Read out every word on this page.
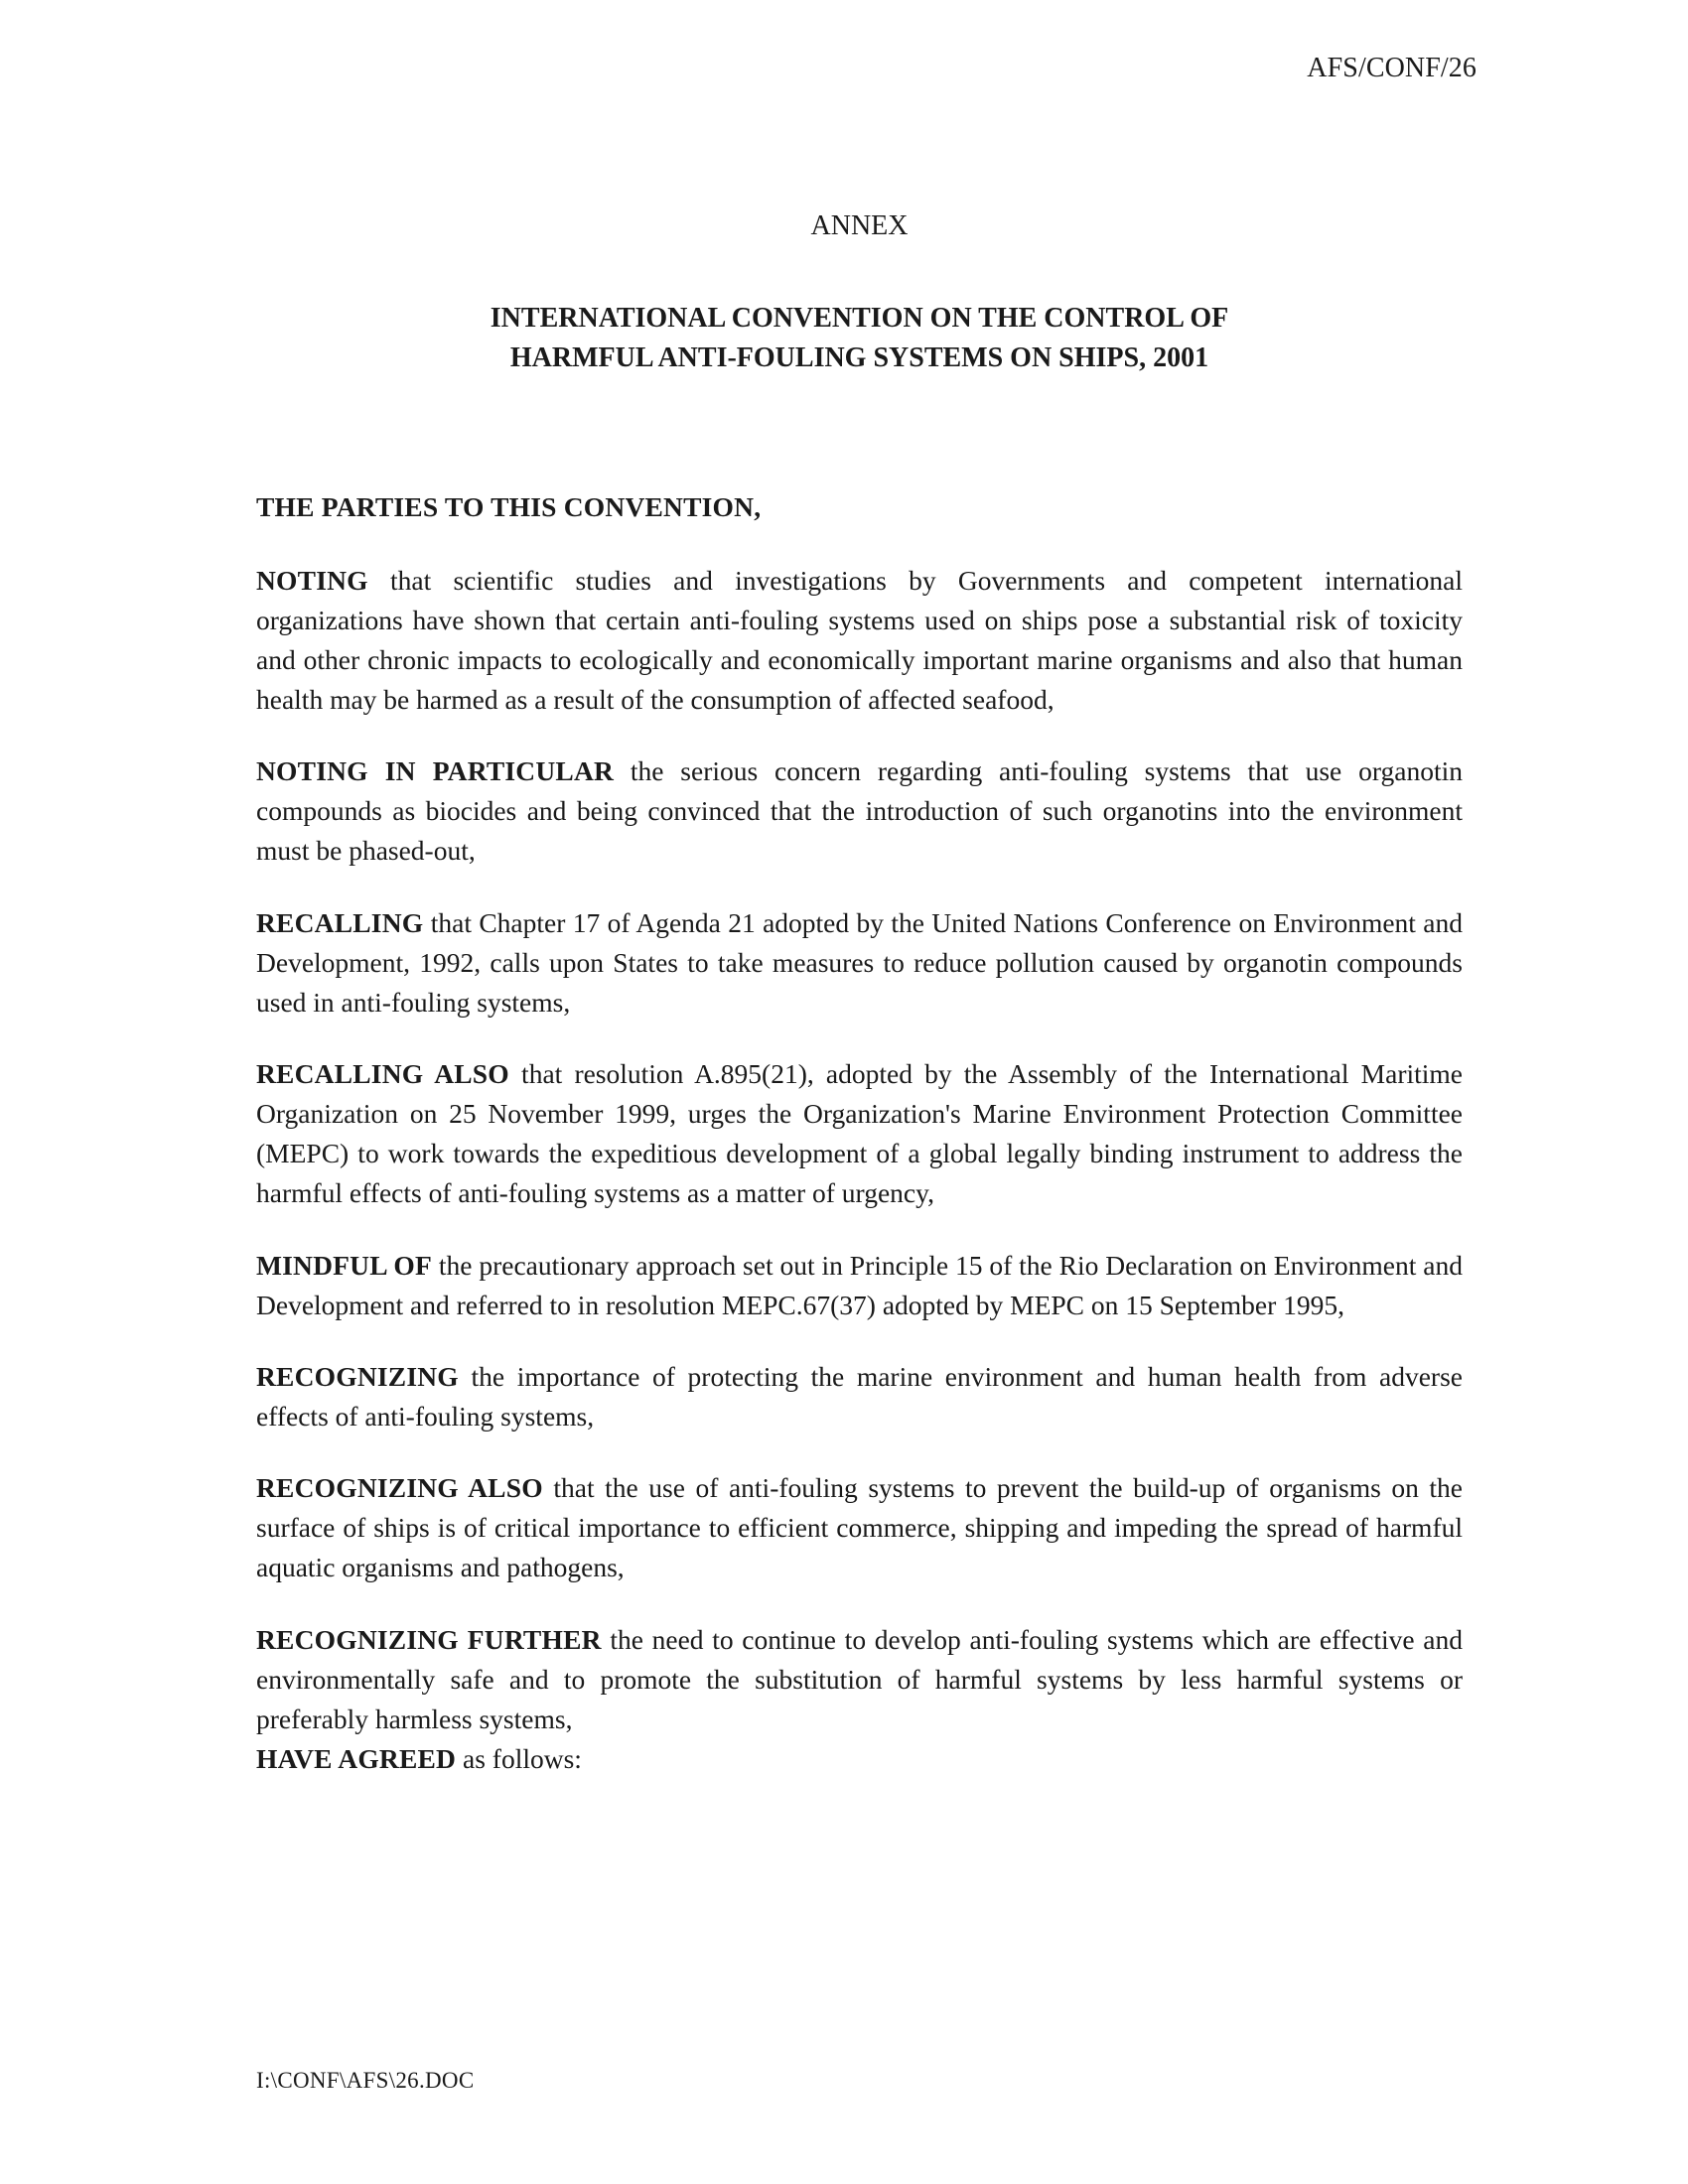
AFS/CONF/26
ANNEX
INTERNATIONAL CONVENTION ON THE CONTROL OF
HARMFUL ANTI-FOULING SYSTEMS ON SHIPS, 2001

THE PARTIES TO THIS CONVENTION,

NOTING that scientific studies and investigations by Governments and competent international organizations have shown that certain anti-fouling systems used on ships pose a substantial risk of toxicity and other chronic impacts to ecologically and economically important marine organisms and also that human health may be harmed as a result of the consumption of affected seafood,

NOTING IN PARTICULAR the serious concern regarding anti-fouling systems that use organotin compounds as biocides and being convinced that the introduction of such organotins into the environment must be phased-out,

RECALLING that Chapter 17 of Agenda 21 adopted by the United Nations Conference on Environment and Development, 1992, calls upon States to take measures to reduce pollution caused by organotin compounds used in anti-fouling systems,

RECALLING ALSO that resolution A.895(21), adopted by the Assembly of the International Maritime Organization on 25 November 1999, urges the Organization's Marine Environment Protection Committee (MEPC) to work towards the expeditious development of a global legally binding instrument to address the harmful effects of anti-fouling systems as a matter of urgency,

MINDFUL OF the precautionary approach set out in Principle 15 of the Rio Declaration on Environment and Development and referred to in resolution MEPC.67(37) adopted by MEPC on 15 September 1995,

RECOGNIZING the importance of protecting the marine environment and human health from adverse effects of anti-fouling systems,

RECOGNIZING ALSO that the use of anti-fouling systems to prevent the build-up of organisms on the surface of ships is of critical importance to efficient commerce, shipping and impeding the spread of harmful aquatic organisms and pathogens,

RECOGNIZING FURTHER the need to continue to develop anti-fouling systems which are effective and environmentally safe and to promote the substitution of harmful systems by less harmful systems or preferably harmless systems,

HAVE AGREED as follows:

I:\CONF\AFS\26.DOC
